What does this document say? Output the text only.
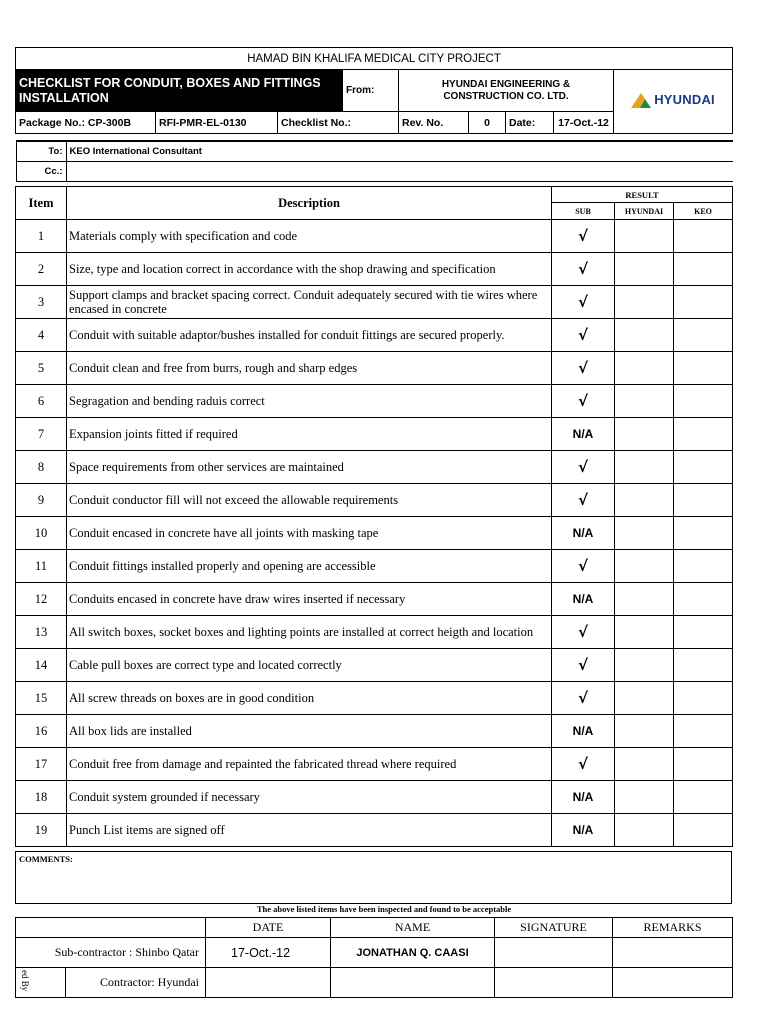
HAMAD BIN KHALIFA MEDICAL CITY PROJECT
CHECKLIST FOR CONDUIT, BOXES AND FITTINGS INSTALLATION	From:	HYUNDAI ENGINEERING & CONSTRUCTION CO. LTD.	HYUNDAI

Package No.: CP-300B	RFI-PMR-EL-0130	Checklist No.:	Rev. No.	0	Date:	17-Oct.-12

To:	KEO International Consultant
Cc.:	
Item	Description	RESULT		
		SUB	HYUNDAI	KEO
1	Materials comply with specification and code	√		
2	Size, type and location correct in accordance with the shop drawing and specification	√		
3	Support clamps and bracket spacing correct. Conduit adequately secured with tie wires where encased in concrete	√		
4	Conduit with suitable adaptor/bushes installed for conduit fittings are secured properly.	√		
5	Conduit clean and free from burrs, rough and sharp edges	√		
6	Segragation and bending raduis correct	√		
7	Expansion joints fitted if required	N/A		
8	Space requirements from other services are maintained	√		
9	Conduit conductor fill will not exceed the allowable requirements	√		
10	Conduit encased in concrete have all joints with masking tape	N/A		
11	Conduit fittings installed properly and opening are accessible	√		
12	Conduits encased in concrete have draw wires inserted if necessary	N/A		
13	All switch boxes, socket boxes and lighting points are installed at correct heigth and location	√		
14	Cable pull boxes are correct type and located correctly	√		
15	All screw threads on boxes are in good condition	√		
16	All box lids are installed	N/A		
17	Conduit free from damage and repainted the fabricated thread where required	√		
18	Conduit system grounded if necessary	N/A		
19	Punch List items are signed off	N/A		
COMMENTS:
The above listed items have been inspected and found to be acceptable
		DATE	NAME	SIGNATURE	REMARKS
Sub-contractor : Shinbo Qatar		17-Oct.-12	JONATHAN Q. CAASI		

ed By	Contractor: Hyundai				
